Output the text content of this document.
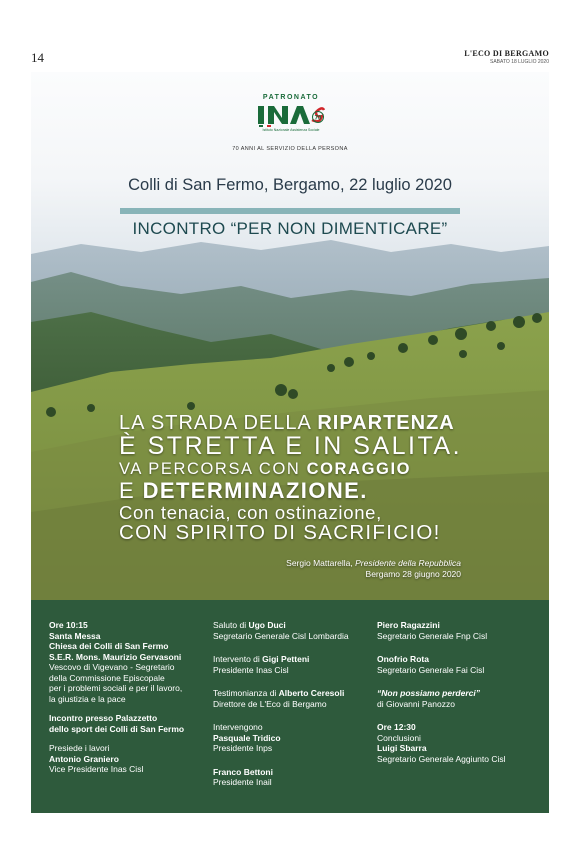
14	L'ECO DI BERGAMO
SABATO 18 LUGLIO 2020
PATRONATO
70
Istituto Nazionale Assistenza Sociale
70 ANNI AL SERVIZIO DELLA PERSONA
Colli di San Fermo, Bergamo, 22 luglio 2020
INCONTRO “PER NON DIMENTICARE”
LA STRADA DELLA RIPARTENZA
È STRETTA E IN SALITA.
VA PERCORSA CON CORAGGIO
E DETERMINAZIONE.
Con tenacia, con ostinazione,
CON SPIRITO DI SACRIFICIO!
Sergio Mattarella, Presidente della Repubblica
Bergamo 28 giugno 2020
Ore 10:15
Santa Messa
Chiesa dei Colli di San Fermo
S.E.R. Mons. Maurizio Gervasoni
Vescovo di Vigevano - Segretario
della Commissione Episcopale
per i problemi sociali e per il lavoro,
la giustizia e la pace
Incontro presso Palazzetto
dello sport dei Colli di San Fermo
Presiede i lavori
Antonio Graniero
Vice Presidente Inas Cisl
Saluto di Ugo Duci
Segretario Generale Cisl Lombardia
Intervento di Gigi Petteni
Presidente Inas Cisl
Testimonianza di Alberto Ceresoli
Direttore de L'Eco di Bergamo
Intervengono
Pasquale Tridico
Presidente Inps
Franco Bettoni
Presidente Inail
Piero Ragazzini
Segretario Generale Fnp Cisl
Onofrio Rota
Segretario Generale Fai Cisl
“Non possiamo perderci”
di Giovanni Panozzo
Ore 12:30
Conclusioni
Luigi Sbarra
Segretario Generale Aggiunto Cisl
